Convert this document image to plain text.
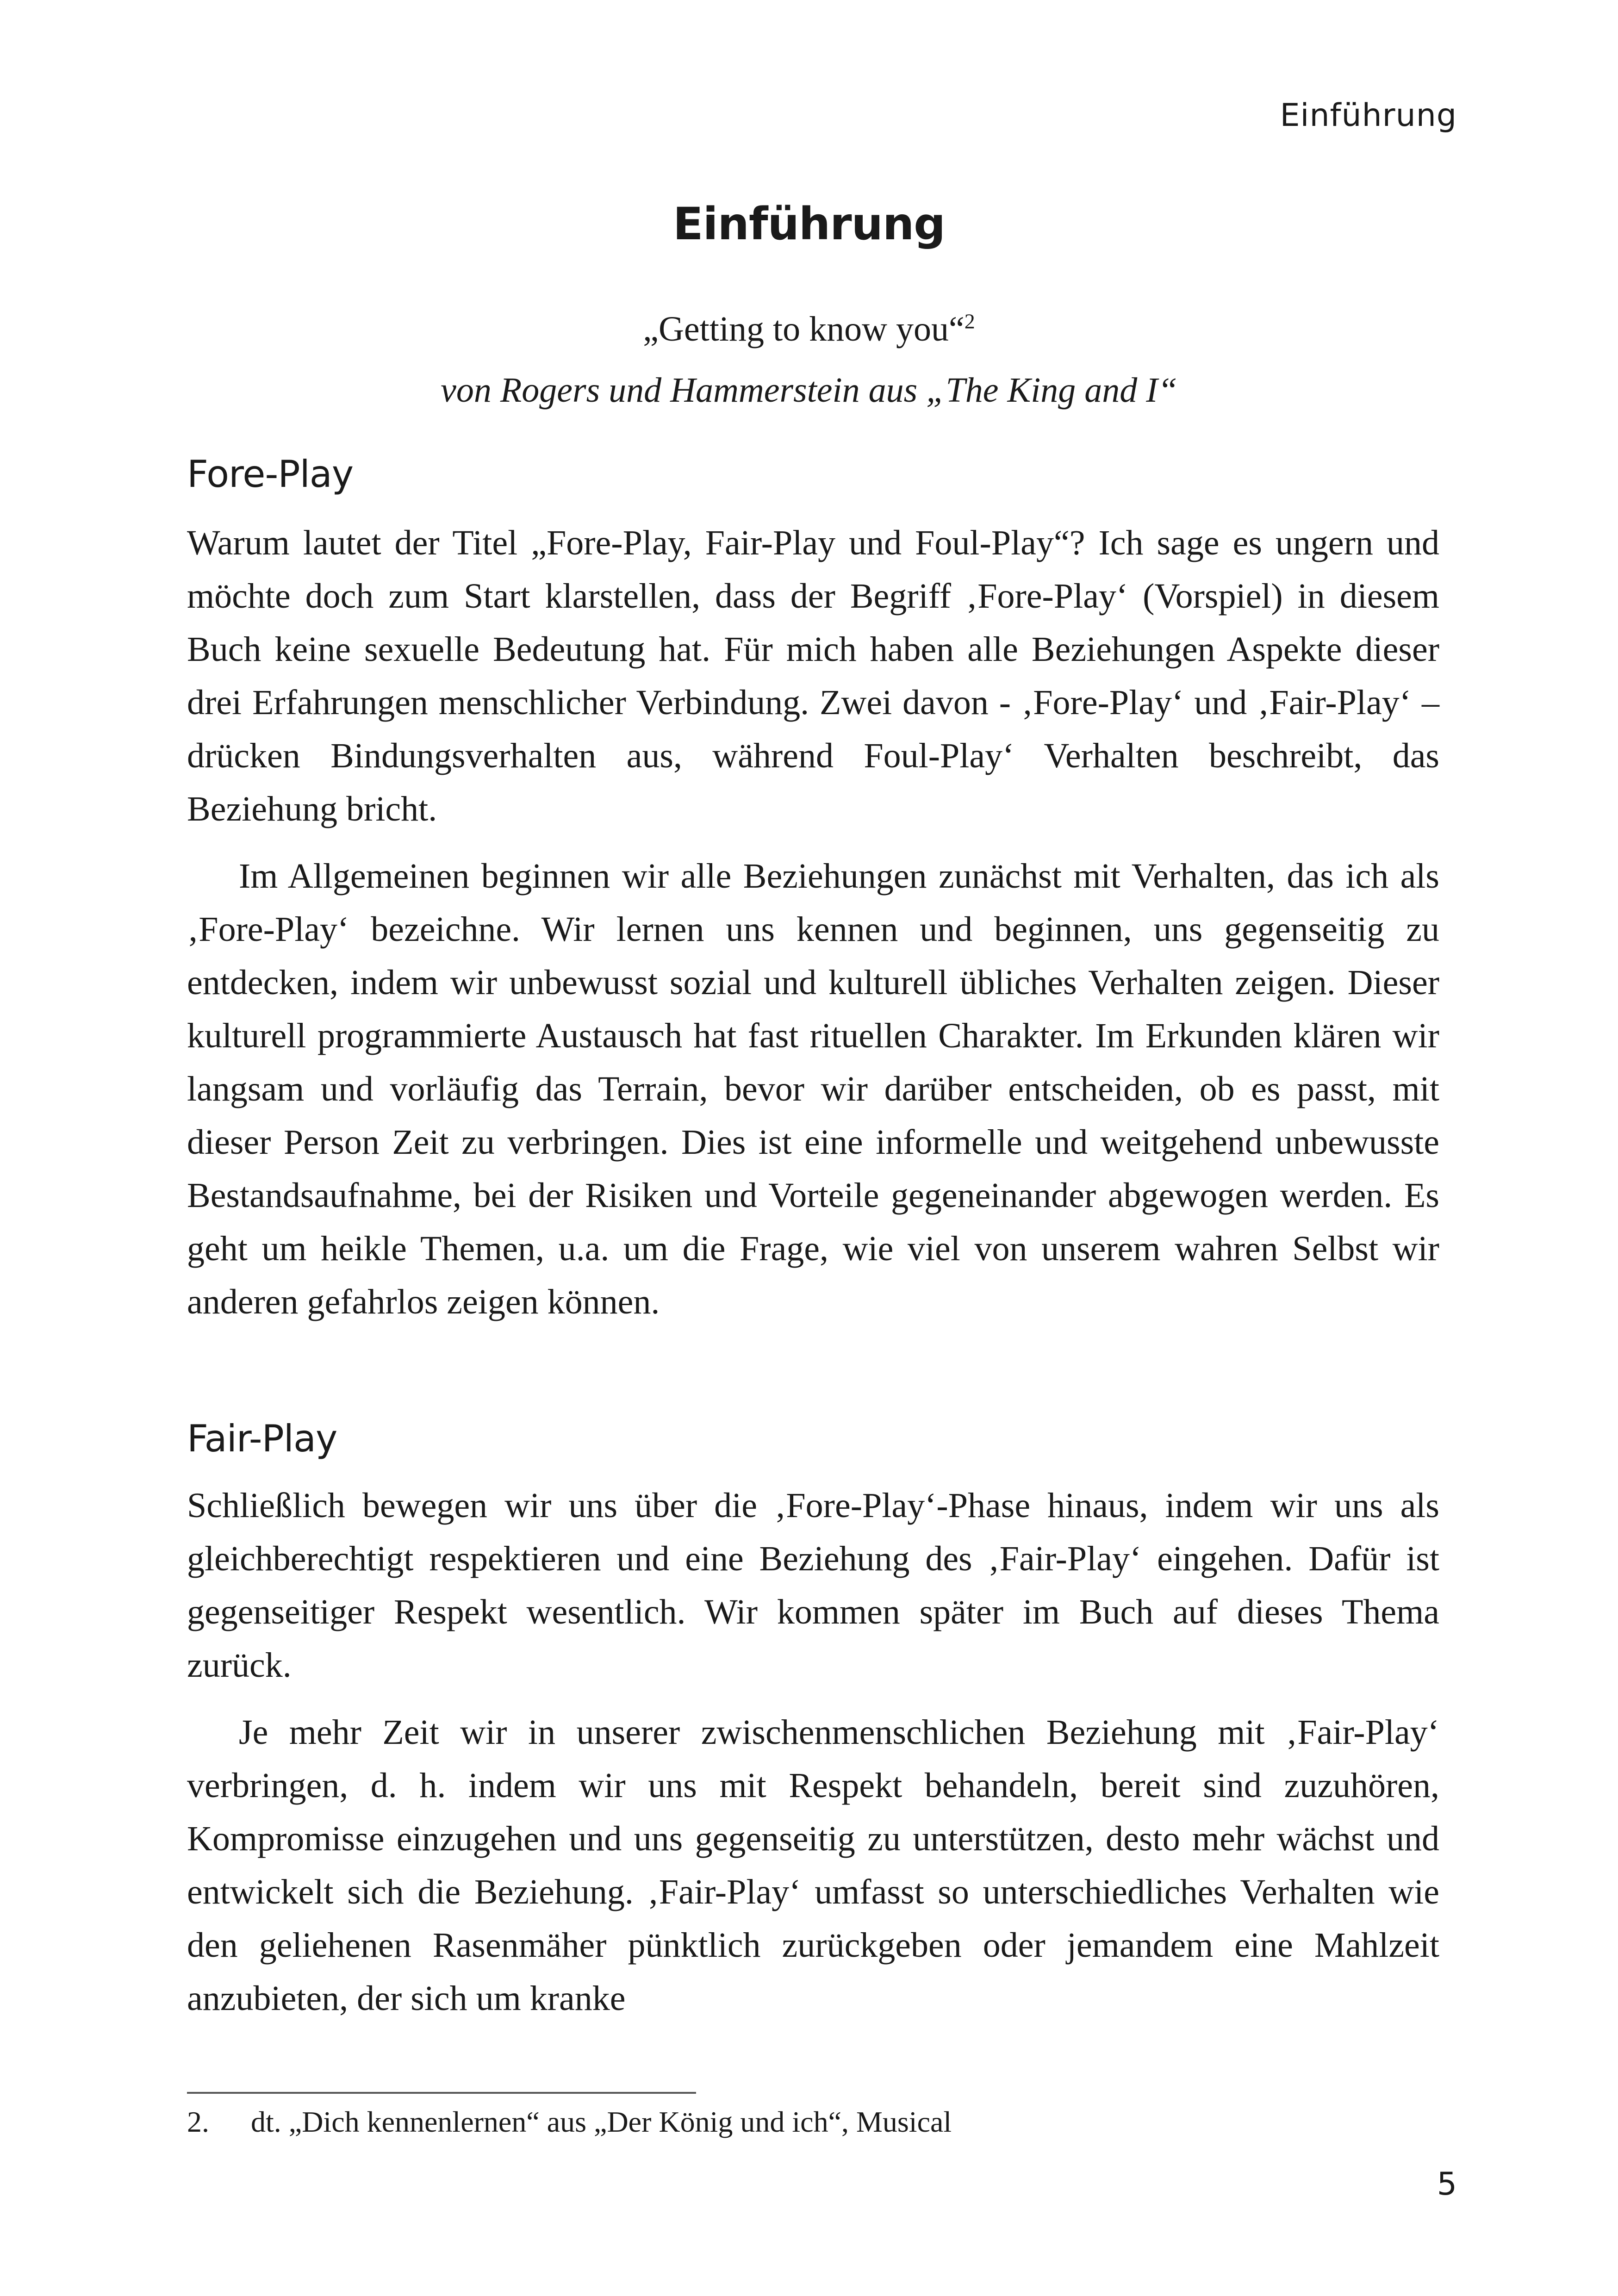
Einführung
Einführung
„Getting to know you“$^2$
von Rogers und Hammerstein aus „The King and I“
Fore-Play

Warum lautet der Titel „Fore-Play, Fair-Play und Foul-Play“? Ich sage es ungern und möchte doch zum Start klarstellen, dass der Begriff ‚Fore-Play‘ (Vorspiel) in diesem Buch keine sexuelle Bedeutung hat. Für mich haben alle Beziehungen Aspekte dieser drei Erfahrungen menschlicher Verbindung. Zwei davon - ‚Fore-Play‘ und ‚Fair-Play‘ – drücken Bindungsverhalten aus, während Foul-Play‘ Verhalten beschreibt, das Beziehung bricht.

Im Allgemeinen beginnen wir alle Beziehungen zunächst mit Verhalten, das ich als ‚Fore-Play‘ bezeichne. Wir lernen uns kennen und beginnen, uns gegenseitig zu entdecken, indem wir unbewusst sozial und kulturell übliches Verhalten zeigen. Dieser kulturell programmierte Austausch hat fast rituellen Charakter. Im Erkunden klären wir langsam und vorläufig das Terrain, bevor wir darüber entscheiden, ob es passt, mit dieser Person Zeit zu verbringen. Dies ist eine informelle und weitgehend unbewusste Bestandsaufnahme, bei der Risiken und Vorteile gegeneinander abgewogen werden. Es geht um heikle Themen, u.a. um die Frage, wie viel von unserem wahren Selbst wir anderen gefahrlos zeigen können.

Fair-Play

Schließlich bewegen wir uns über die ‚Fore-Play‘-Phase hinaus, indem wir uns als gleichberechtigt respektieren und eine Beziehung des ‚Fair-Play‘ eingehen. Dafür ist gegenseitiger Respekt wesentlich. Wir kommen später im Buch auf dieses Thema zurück.

Je mehr Zeit wir in unserer zwischenmenschlichen Beziehung mit ‚Fair-Play‘ verbringen, d. h. indem wir uns mit Respekt behandeln, bereit sind zuzuhören, Kompromisse einzugehen und uns gegenseitig zu unterstützen, desto mehr wächst und entwickelt sich die Beziehung. ‚Fair-Play‘ umfasst so unterschiedliches Verhalten wie den geliehenen Rasenmäher pünktlich zurückgeben oder jemandem eine Mahlzeit anzubieten, der sich um kranke

2. dt. „Dich kennenlernen“ aus „Der König und ich“, Musical
5
